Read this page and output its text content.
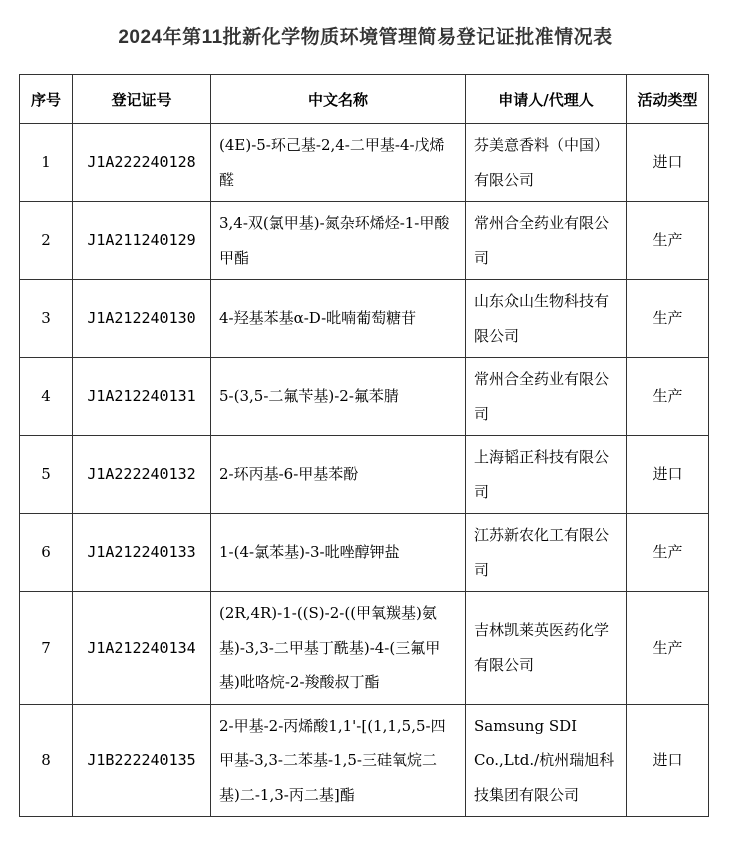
2024年第11批新化学物质环境管理简易登记证批准情况表
序号	登记证号	中文名称	申请人/代理人	活动类型
1	J1A222240128	(4E)-5-环己基-2,4-二甲基-4-戊烯醛	芬美意香料（中国）有限公司	进口
2	J1A211240129	3,4-双(氯甲基)-氮杂环烯烃-1-甲酸甲酯	常州合全药业有限公司	生产
3	J1A212240130	4-羟基苯基α-D-吡喃葡萄糖苷	山东众山生物科技有限公司	生产
4	J1A212240131	5-(3,5-二氟苄基)-2-氟苯腈	常州合全药业有限公司	生产
5	J1A222240132	2-环丙基-6-甲基苯酚	上海韬正科技有限公司	进口
6	J1A212240133	1-(4-氯苯基)-3-吡唑醇钾盐	江苏新农化工有限公司	生产
7	J1A212240134	(2R,4R)-1-((S)-2-((甲氧羰基)氨基)-3,3-二甲基丁酰基)-4-(三氟甲基)吡咯烷-2-羧酸叔丁酯	吉林凯莱英医药化学有限公司	生产
8	J1B222240135	2-甲基-2-丙烯酸1,1'-[(1,1,5,5-四甲基-3,3-二苯基-1,5-三硅氧烷二基)二-1,3-丙二基]酯	Samsung SDI Co.,Ltd./杭州瑞旭科技集团有限公司	进口
